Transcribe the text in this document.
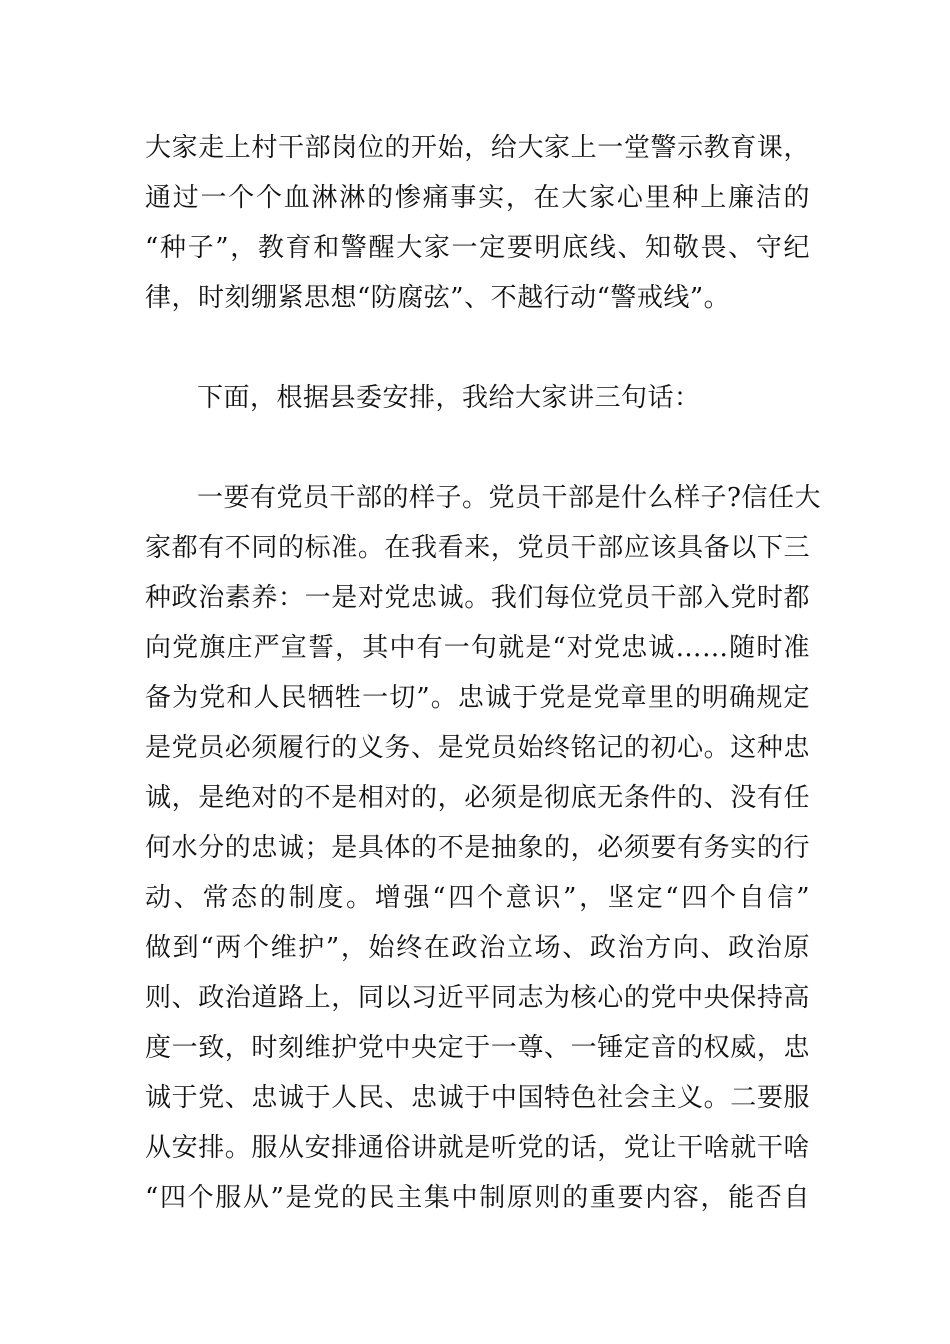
大家走上村干部岗位的开始，给大家上一堂警示教育课，
通过一个个血淋淋的惨痛事实，在大家心里种上廉洁的
“种子”，教育和警醒大家一定要明底线、知敬畏、守纪
律，时刻绷紧思想“防腐弦”、不越行动“警戒线”。
下面，根据县委安排，我给大家讲三句话：
一要有党员干部的样子。党员干部是什么样子?信任大
家都有不同的标准。在我看来，党员干部应该具备以下三
种政治素养：一是对党忠诚。我们每位党员干部入党时都
向党旗庄严宣誓，其中有一句就是“对党忠诚……随时准
备为党和人民牺牲一切”。忠诚于党是党章里的明确规定
是党员必须履行的义务、是党员始终铭记的初心。这种忠
诚，是绝对的不是相对的，必须是彻底无条件的、没有任
何水分的忠诚；是具体的不是抽象的，必须要有务实的行
动、常态的制度。增强“四个意识”，坚定“四个自信”
做到“两个维护”，始终在政治立场、政治方向、政治原
则、政治道路上，同以习近平同志为核心的党中央保持高
度一致，时刻维护党中央定于一尊、一锤定音的权威，忠
诚于党、忠诚于人民、忠诚于中国特色社会主义。二要服
从安排。服从安排通俗讲就是听党的话，党让干啥就干啥
“四个服从”是党的民主集中制原则的重要内容，能否自
